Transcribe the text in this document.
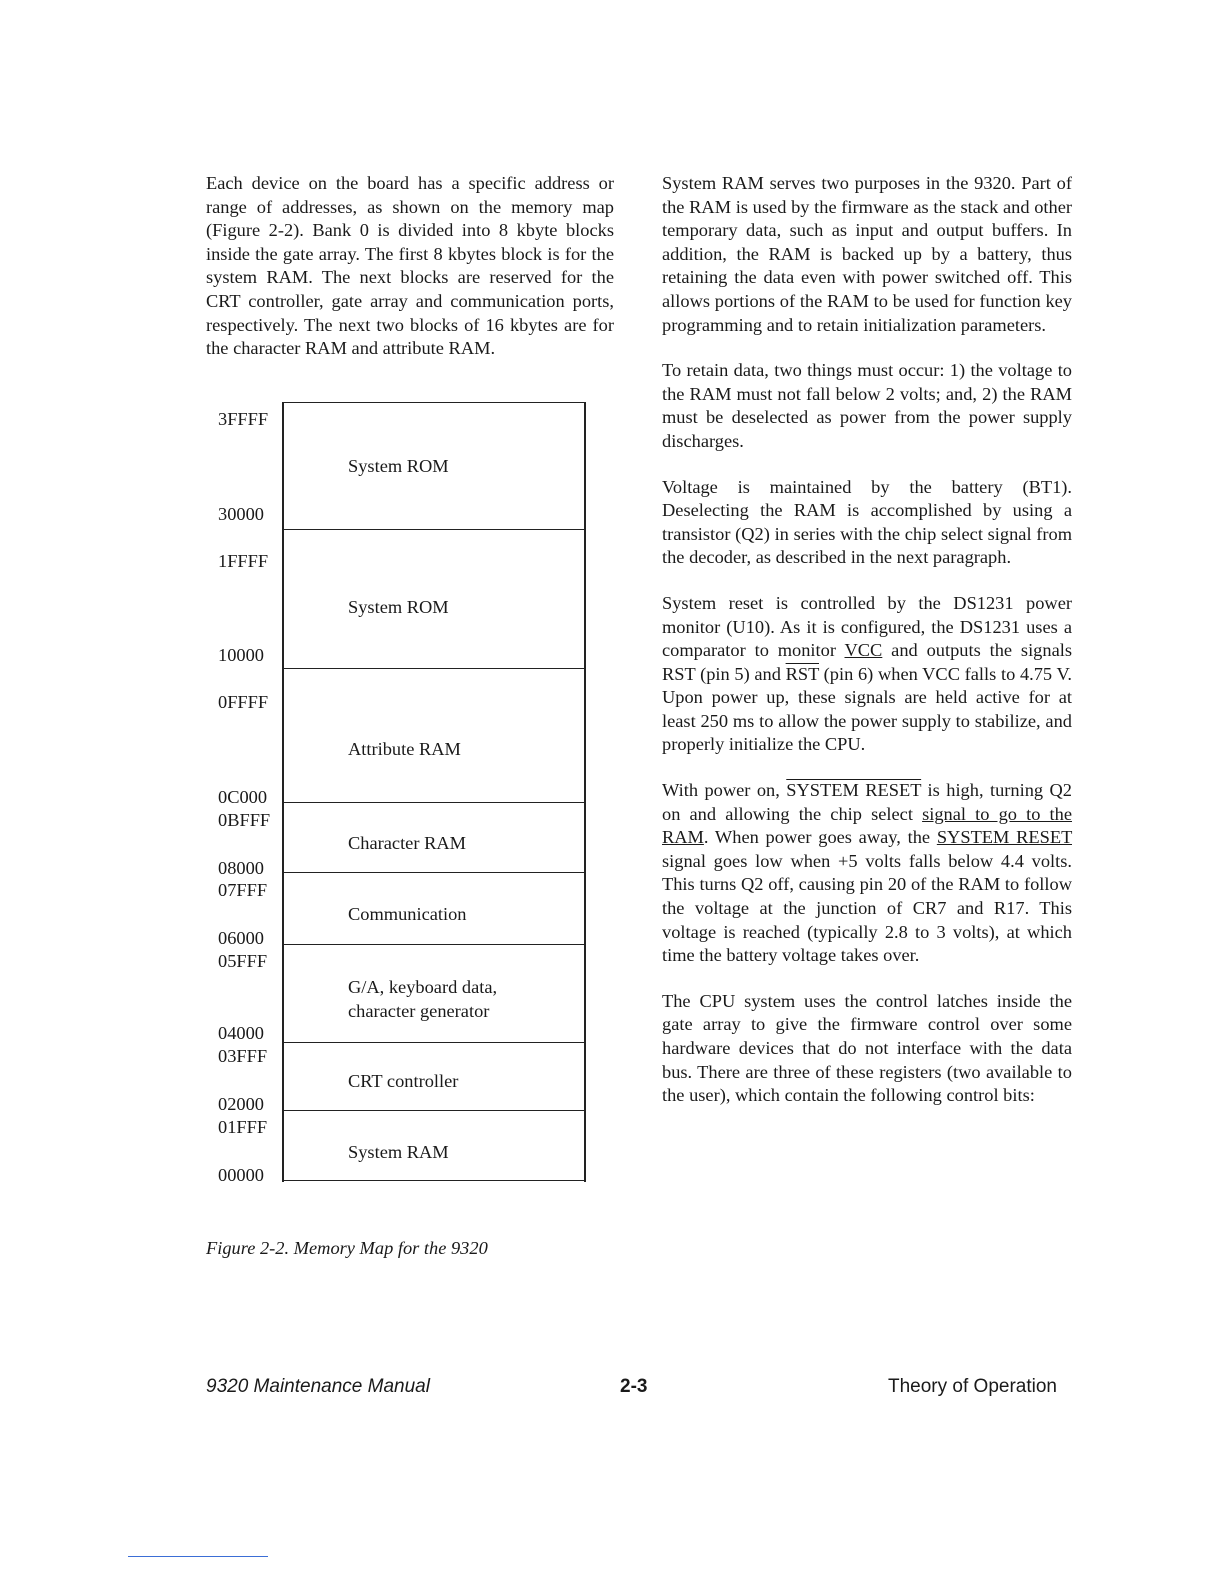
Each device on the board has a specific address or range of addresses, as shown on the memory map (Figure 2-2). Bank 0 is divided into 8 kbyte blocks inside the gate array. The first 8 kbytes block is for the system RAM. The next blocks are reserved for the CRT controller, gate array and communication ports, respectively. The next two blocks of 16 kbytes are for the character RAM and attribute RAM.

3FFFF
30000
1FFFF
10000
0FFFF
0C000
0BFFF
08000
07FFF
06000
05FFF
04000
03FFF
02000
01FFF
00000
System ROM
System ROM
Attribute RAM
Character RAM
Communication
G/A, keyboard data,
character generator
CRT controller
System RAM
Figure 2-2. Memory Map for the 9320

System RAM serves two purposes in the 9320. Part of the RAM is used by the firmware as the stack and other temporary data, such as input and output buffers. In addition, the RAM is backed up by a battery, thus retaining the data even with power switched off. This allows portions of the RAM to be used for function key programming and to retain initialization parameters.

To retain data, two things must occur: 1) the voltage to the RAM must not fall below 2 volts; and, 2) the RAM must be deselected as power from the power supply discharges.

Voltage is maintained by the battery (BT1). Deselecting the RAM is accomplished by using a transistor (Q2) in series with the chip select signal from the decoder, as described in the next paragraph.

System reset is controlled by the DS1231 power monitor (U10). As it is configured, the DS1231 uses a comparator to monitor VCC and outputs the signals RST (pin 5) and $\overline{RST}$ (pin 6) when VCC falls to 4.75 V. Upon power up, these signals are held active for at least 250 ms to allow the power supply to stabilize, and properly initialize the CPU.

With power on, SYSTEM RESET is high, turning Q2 on and allowing the chip select signal to go to the RAM. When power goes away, the SYSTEM RESET signal goes low when +5 volts falls below 4.4 volts. This turns Q2 off, causing pin 20 of the RAM to follow the voltage at the junction of CR7 and R17. This voltage is reached (typically 2.8 to 3 volts), at which time the battery voltage takes over.

The CPU system uses the control latches inside the gate array to give the firmware control over some hardware devices that do not interface with the data bus. There are three of these registers (two available to the user), which contain the following control bits:

9320 Maintenance Manual	2-3	Theory of Operation
